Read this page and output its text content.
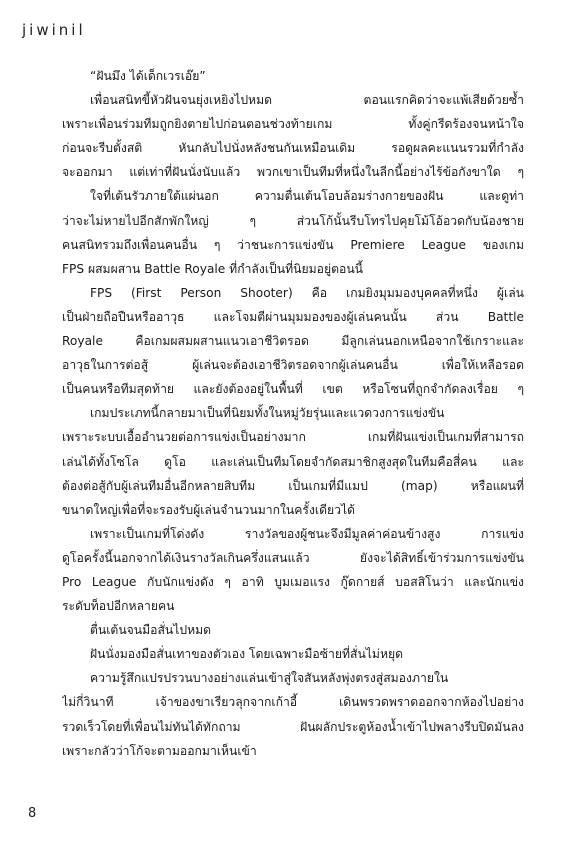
jiwinil
“ฝันมึง ได้เด็กเวรเอ๊ย”
เพื่อนสนิทขี้หัวฝันจนยุ่งเหยิงไปหมด ตอนแรกคิดว่าจะแพ้เสียด้วยซ้ำ
เพราะเพื่อนร่วมทีมถูกยิงตายไปก่อนตอนช่วงท้ายเกม ทั้งคู่กรีดร้องจนหน้าใจ
ก่อนจะรีบตั้งสติ หันกลับไปนั่งหลังชนกันเหมือนเดิม รอดูผลคะแนนรวมที่กำลัง
จะออกมา แต่เท่าที่ฝันนั่งนับแล้ว พวกเขาเป็นทีมที่หนึ่งในลีกนี้อย่างไร้ข้อกังขาใด ๆ
ใจที่เต้นรัวภายใต้แผ่นอก ความตื่นเต้นโอบล้อมร่างกายของฝัน และดูท่า
ว่าจะไม่หายไปอีกสักพักใหญ่ ๆ ส่วนโก้นั้นรีบโทรไปคุยโม้โอ้อวดกับน้องชาย
คนสนิทรวมถึงเพื่อนคนอื่น ๆ ว่าชนะการแข่งขัน Premiere League ของเกม
FPS ผสมผสาน Battle Royale ที่กำลังเป็นที่นิยมอยู่ตอนนี้
FPS (First Person Shooter) คือ เกมยิงมุมมองบุคคลที่หนึ่ง ผู้เล่น
เป็นฝ่ายถือปืนหรืออาวุธ และโจมตีผ่านมุมมองของผู้เล่นคนนั้น ส่วน Battle
Royale คือเกมผสมผสานแนวเอาชีวิตรอด มีลูกเล่นนอกเหนือจากใช้เกราะและ
อาวุธในการต่อสู้ ผู้เล่นจะต้องเอาชีวิตรอดจากผู้เล่นคนอื่น เพื่อให้เหลือรอด
เป็นคนหรือทีมสุดท้าย และยังต้องอยู่ในพื้นที่ เขต หรือโซนที่ถูกจำกัดลงเรื่อย ๆ
เกมประเภทนี้กลายมาเป็นที่นิยมทั้งในหมู่วัยรุ่นและแวดวงการแข่งขัน
เพราะระบบเอื้ออำนวยต่อการแข่งเป็นอย่างมาก เกมที่ฝันแข่งเป็นเกมที่สามารถ
เล่นได้ทั้งโซโล ดูโอ และเล่นเป็นทีมโดยจำกัดสมาชิกสูงสุดในทีมคือสี่คน และ
ต้องต่อสู้กับผู้เล่นทีมอื่นอีกหลายสิบทีม เป็นเกมที่มีแมป (map) หรือแผนที่
ขนาดใหญ่เพื่อที่จะรองรับผู้เล่นจำนวนมากในครั้งเดียวได้
เพราะเป็นเกมที่โด่งดัง รางวัลของผู้ชนะจึงมีมูลค่าค่อนข้างสูง การแข่ง
ดูโอครั้งนี้นอกจากได้เงินรางวัลเกินครึ่งแสนแล้ว ยังจะได้สิทธิ์เข้าร่วมการแข่งขัน
Pro League กับนักแข่งดัง ๆ อาทิ บูมเมอแรง กู๊ดกายส์ บอสสิโนว่า และนักแข่ง
ระดับท็อปอีกหลายคน
ตื่นเต้นจนมือสั่นไปหมด
ฝันนั่งมองมือสั่นเทาของตัวเอง โดยเฉพาะมือซ้ายที่สั่นไม่หยุด
ความรู้สึกแปรปรวนบางอย่างแล่นเข้าสู่ใจสันหลังพุ่งตรงสู่สมองภายใน
ไม่กี่วินาที เจ้าของขาเรียวลุกจากเก้าอี้ เดินพรวดพราดออกจากห้องไปอย่าง
รวดเร็วโดยที่เพื่อนไม่ทันได้ทักถาม ฝันผลักประตูห้องน้ำเข้าไปพลางรีบปิดมันลง
เพราะกลัวว่าโก้จะตามออกมาเห็นเข้า
8
